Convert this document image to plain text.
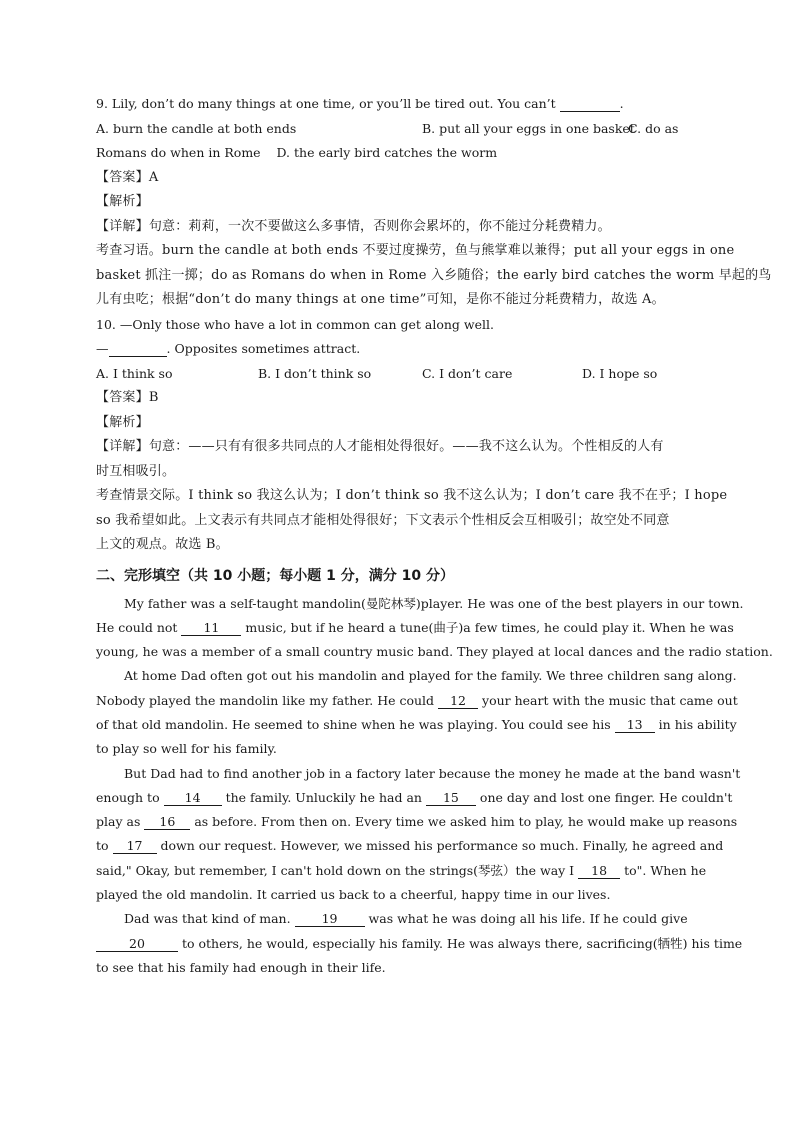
9. Lily, don’t do many things at one time, or you’ll be tired out. You can’t	.
A. burn the candle at both ends	B. put all your eggs in one basket
C. do as
Romans do when in Rome D. the early bird catches the worm
【答案】A
【解析】
【详解】句意：莉莉，一次不要做这么多事情，否则你会累坏的，你不能过分耗费精力。
考查习语。burn the candle at both ends 不要过度操劳，鱼与熊掌难以兼得；put all your eggs in one
basket 抓注一掷；do as Romans do when in Rome 入乡随俗；the early bird catches the worm 早起的鸟
儿有虫吃；根据“don’t do many things at one time”可知，是你不能过分耗费精力，故选 A。
10. —Only those who have a lot in common can get along well.
—	. Opposites sometimes attract.
A. I think so	B. I don’t think so	C. I don’t care	D. I hope so
【答案】B
【解析】
【详解】句意：——只有有很多共同点的人才能相处得很好。——我不这么认为。个性相反的人有
时互相吸引。
考查情景交际。I think so 我这么认为；I don’t think so 我不这么认为；I don’t care 我不在乎；I hope
so 我希望如此。上文表示有共同点才能相处得很好；下文表示个性相反会互相吸引；故空处不同意
上文的观点。故选 B。
二、完形填空（共 10 小题；每小题 1 分，满分 10 分）
My father was a self-taught mandolin(曼陀林琴)player. He was one of the best players in our town.
He could not 11 music, but if he heard a tune(曲子)a few times, he could play it. When he was
young, he was a member of a small country music band. They played at local dances and the radio station.
At home Dad often got out his mandolin and played for the family. We three children sang along.
Nobody played the mandolin like my father. He could 12 your heart with the music that came out
of that old mandolin. He seemed to shine when he was playing. You could see his 13 in his ability
to play so well for his family.
But Dad had to find another job in a factory later because the money he made at the band wasn't
enough to 14 the family. Unluckily he had an 15 one day and lost one finger. He couldn't
play as 16 as before. From then on. Every time we asked him to play, he would make up reasons
to 17 down our request. However, we missed his performance so much. Finally, he agreed and
said," Okay, but remember, I can't hold down on the strings(琴弦）the way I 18 to". When he
played the old mandolin. It carried us back to a cheerful, happy time in our lives.
Dad was that kind of man. 19 was what he was doing all his life. If he could give
20	to others, he would, especially his family. He was always there, sacrificing(牺牲) his time
to see that his family had enough in their life.
